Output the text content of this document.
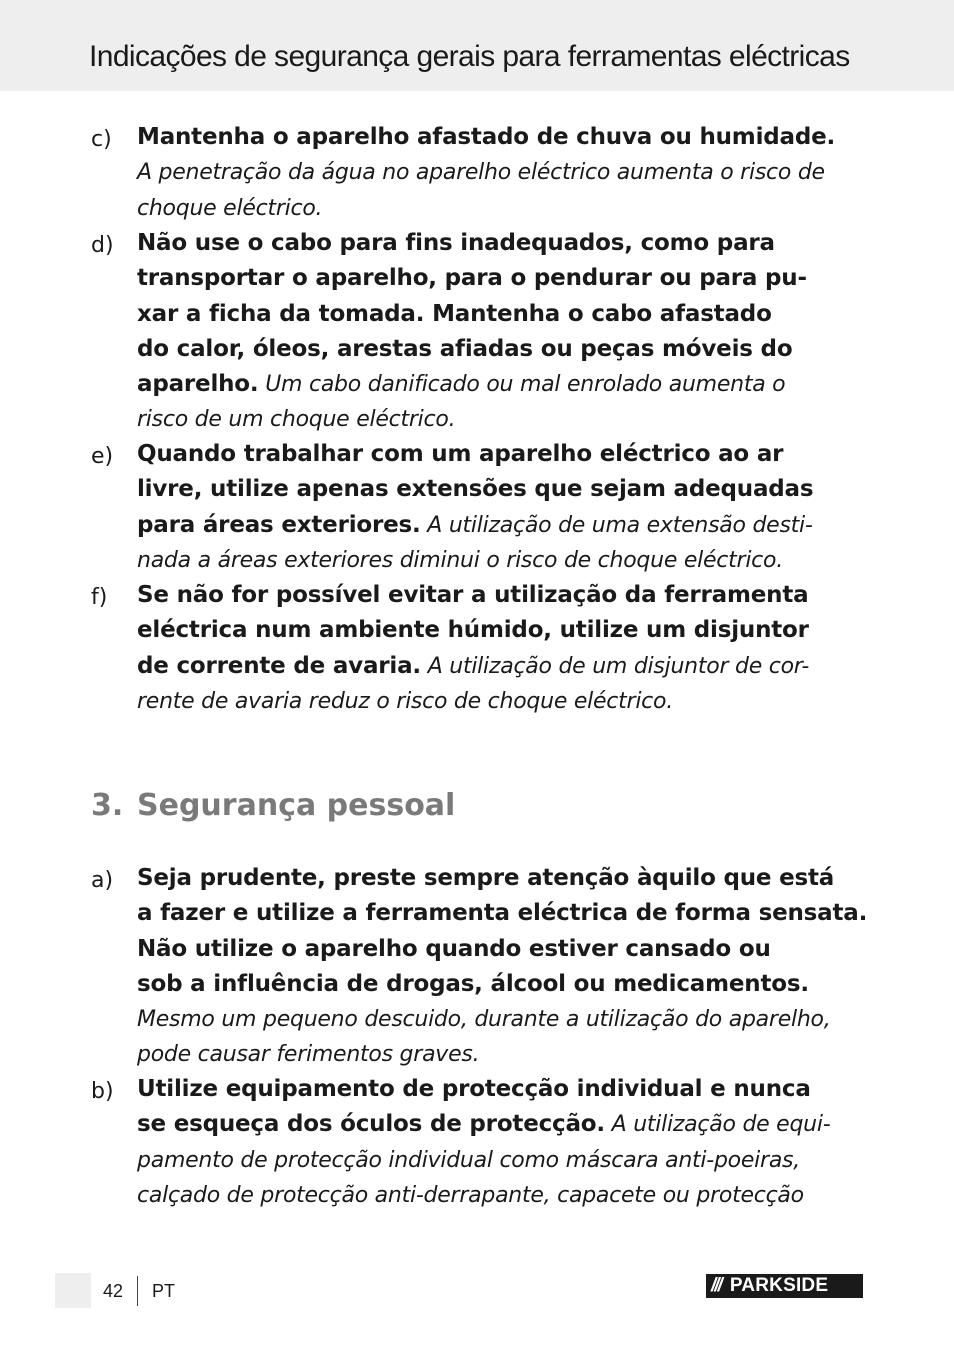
Indicações de segurança gerais para ferramentas eléctricas
c) Mantenha o aparelho afastado de chuva ou humidade.
A penetração da água no aparelho eléctrico aumenta o risco de
choque eléctrico.
d) Não use o cabo para fins inadequados, como para
transportar o aparelho, para o pendurar ou para pu-
xar a ficha da tomada. Mantenha o cabo afastado
do calor, óleos, arestas afiadas ou peças móveis do
aparelho. Um cabo danificado ou mal enrolado aumenta o
risco de um choque eléctrico.
e) Quando trabalhar com um aparelho eléctrico ao ar
livre, utilize apenas extensões que sejam adequadas
para áreas exteriores. A utilização de uma extensão desti-
nada a áreas exteriores diminui o risco de choque eléctrico.
f) Se não for possível evitar a utilização da ferramenta
eléctrica num ambiente húmido, utilize um disjuntor
de corrente de avaria. A utilização de um disjuntor de cor-
rente de avaria reduz o risco de choque eléctrico.
3. Segurança pessoal
a) Seja prudente, preste sempre atenção àquilo que está
a fazer e utilize a ferramenta eléctrica de forma sensata.
Não utilize o aparelho quando estiver cansado ou
sob a influência de drogas, álcool ou medicamentos.
Mesmo um pequeno descuido, durante a utilização do aparelho,
pode causar ferimentos graves.
b) Utilize equipamento de protecção individual e nunca
se esqueça dos óculos de protecção. A utilização de equi-
pamento de protecção individual como máscara anti-poeiras,
calçado de protecção anti-derrapante, capacete ou protecção
42 PT	/// PARKSIDE
